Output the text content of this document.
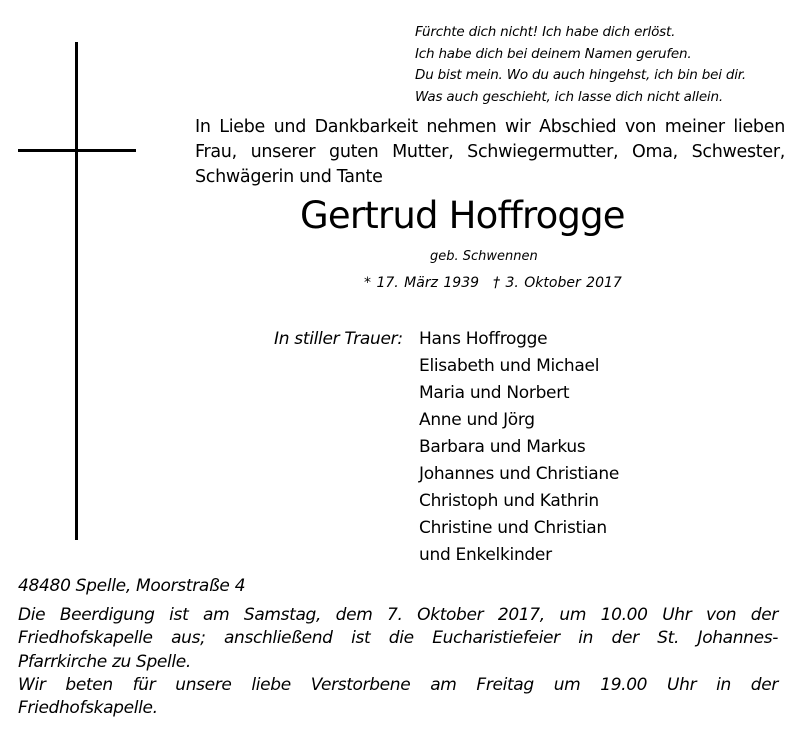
Fürchte dich nicht! Ich habe dich erlöst.
Ich habe dich bei deinem Namen gerufen.
Du bist mein. Wo du auch hingehst, ich bin bei dir.
Was auch geschieht, ich lasse dich nicht allein.
In Liebe und Dankbarkeit nehmen wir Abschied von meiner lieben
Frau, unserer guten Mutter, Schwiegermutter, Oma, Schwester,
Schwägerin und Tante
Gertrud Hoffrogge
geb. Schwennen
* 17. März 1939 † 3. Oktober 2017
In stiller Trauer: Hans Hoffrogge
Elisabeth und Michael
Maria und Norbert
Anne und Jörg
Barbara und Markus
Johannes und Christiane
Christoph und Kathrin
Christine und Christian
und Enkelkinder
48480 Spelle, Moorstraße 4
Die Beerdigung ist am Samstag, dem 7. Oktober 2017, um 10.00 Uhr von der
Friedhofskapelle aus; anschließend ist die Eucharistiefeier in der St. Johannes-
Pfarrkirche zu Spelle.
Wir beten für unsere liebe Verstorbene am Freitag um 19.00 Uhr in der
Friedhofskapelle.
